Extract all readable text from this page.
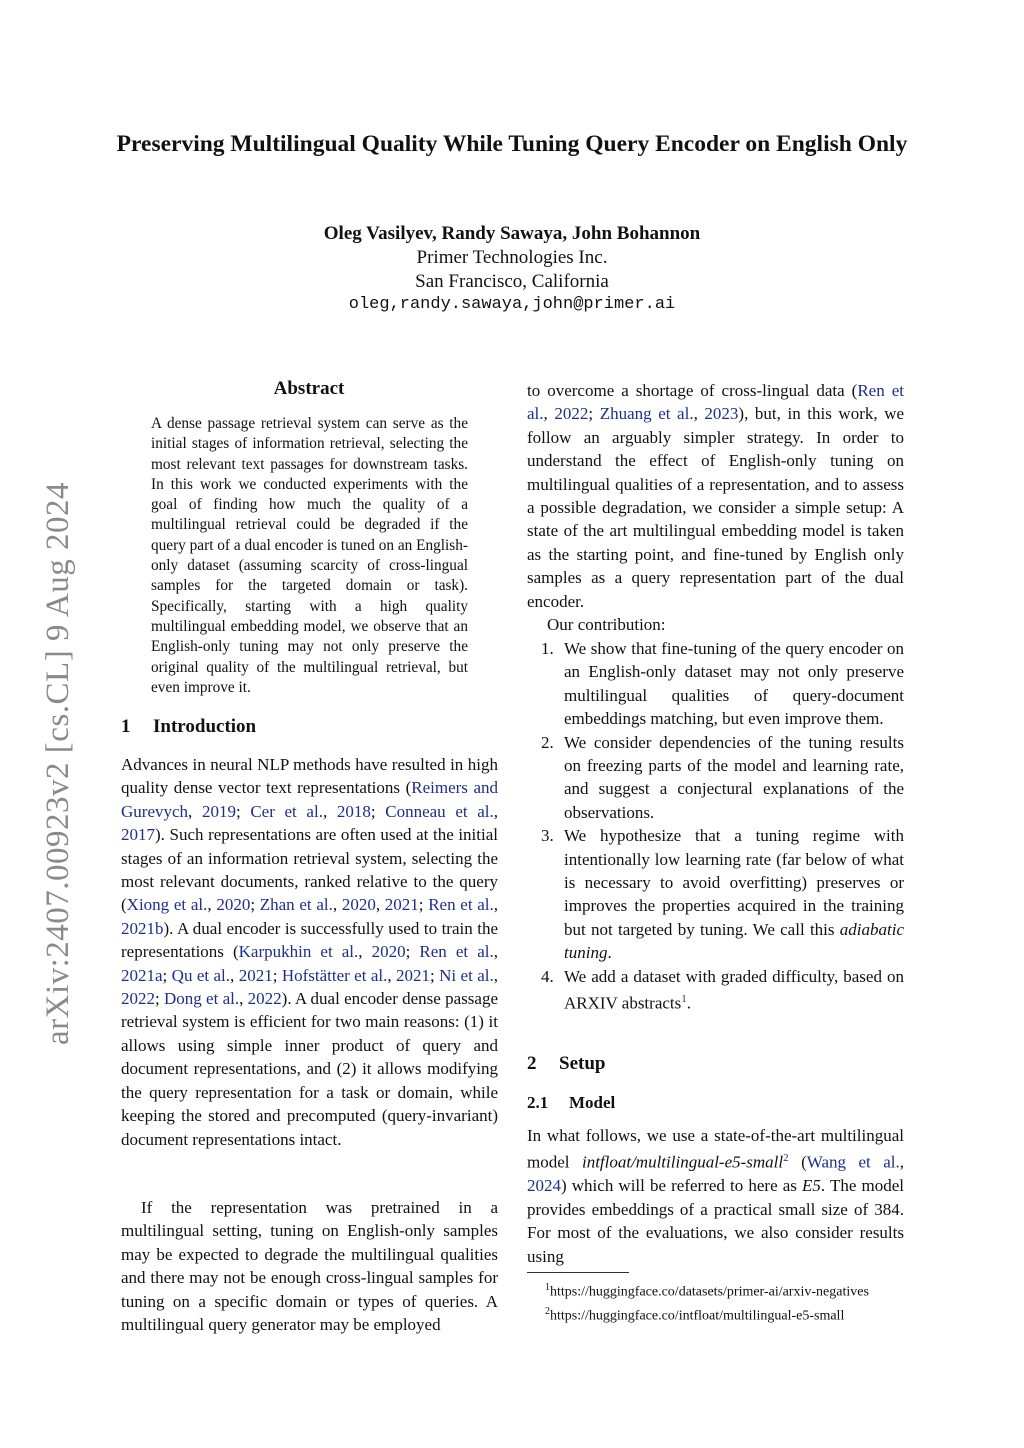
arXiv:2407.00923v2 [cs.CL] 9 Aug 2024
Preserving Multilingual Quality While Tuning Query Encoder on English Only
Oleg Vasilyev, Randy Sawaya, John Bohannon
Primer Technologies Inc.
San Francisco, California
oleg,randy.sawaya,john@primer.ai
Abstract
A dense passage retrieval system can serve as the initial stages of information retrieval, selecting the most relevant text passages for downstream tasks. In this work we conducted experiments with the goal of finding how much the quality of a multilingual retrieval could be degraded if the query part of a dual encoder is tuned on an English-only dataset (assuming scarcity of cross-lingual samples for the targeted domain or task). Specifically, starting with a high quality multilingual embedding model, we observe that an English-only tuning may not only preserve the original quality of the multilingual retrieval, but even improve it.
1 Introduction
Advances in neural NLP methods have resulted in high quality dense vector text representations (Reimers and Gurevych, 2019; Cer et al., 2018; Conneau et al., 2017). Such representations are often used at the initial stages of an information retrieval system, selecting the most relevant documents, ranked relative to the query (Xiong et al., 2020; Zhan et al., 2020, 2021; Ren et al., 2021b). A dual encoder is successfully used to train the representations (Karpukhin et al., 2020; Ren et al., 2021a; Qu et al., 2021; Hofstätter et al., 2021; Ni et al., 2022; Dong et al., 2022). A dual encoder dense passage retrieval system is efficient for two main reasons: (1) it allows using simple inner product of query and document representations, and (2) it allows modifying the query representation for a task or domain, while keeping the stored and precomputed (query-invariant) document representations intact.
If the representation was pretrained in a multilingual setting, tuning on English-only samples may be expected to degrade the multilingual qualities and there may not be enough cross-lingual samples for tuning on a specific domain or types of queries. A multilingual query generator may be employed
to overcome a shortage of cross-lingual data (Ren et al., 2022; Zhuang et al., 2023), but, in this work, we follow an arguably simpler strategy. In order to understand the effect of English-only tuning on multilingual qualities of a representation, and to assess a possible degradation, we consider a simple setup: A state of the art multilingual embedding model is taken as the starting point, and fine-tuned by English only samples as a query representation part of the dual encoder.
Our contribution:
1. We show that fine-tuning of the query encoder on an English-only dataset may not only preserve multilingual qualities of query-document embeddings matching, but even improve them.
2. We consider dependencies of the tuning results on freezing parts of the model and learning rate, and suggest a conjectural explanations of the observations.
3. We hypothesize that a tuning regime with intentionally low learning rate (far below of what is necessary to avoid overfitting) preserves or improves the properties acquired in the training but not targeted by tuning. We call this adiabatic tuning.
4. We add a dataset with graded difficulty, based on ARXIV abstracts$^1$.
2 Setup
2.1 Model
In what follows, we use a state-of-the-art multilingual model intfloat/multilingual-e5-small$^2$ (Wang et al., 2024) which will be referred to here as E5. The model provides embeddings of a practical small size of 384. For most of the evaluations, we also consider results using
$^1$https://huggingface.co/datasets/primer-ai/arxiv-negatives
$^2$https://huggingface.co/intfloat/multilingual-e5-small
